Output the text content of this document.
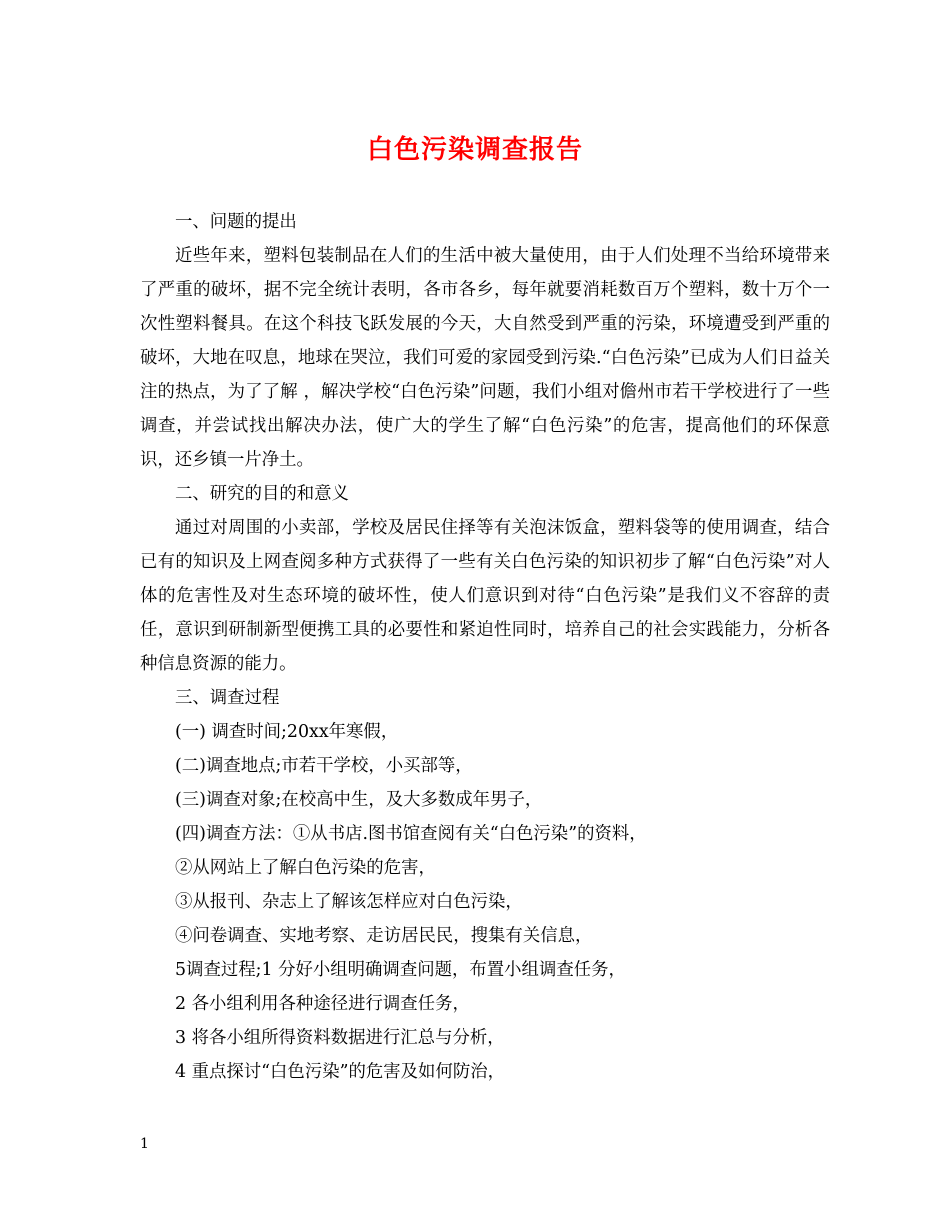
白色污染调查报告

一、问题的提出

近些年来，塑料包装制品在人们的生活中被大量使用，由于人们处理不当给环境带来了严重的破坏，据不完全统计表明，各市各乡，每年就要消耗数百万个塑料，数十万个一次性塑料餐具。在这个科技飞跃发展的今天，大自然受到严重的污染，环境遭受到严重的破坏，大地在叹息，地球在哭泣，我们可爱的家园受到污染.“白色污染”已成为人们日益关注的热点，为了了解 ，解决学校“白色污染”问题，我们小组对儋州市若干学校进行了一些调查，并尝试找出解决办法，使广大的学生了解“白色污染”的危害，提高他们的环保意识，还乡镇一片净土。

二、研究的目的和意义

通过对周围的小卖部，学校及居民住择等有关泡沫饭盒，塑料袋等的使用调查，结合已有的知识及上网查阅多种方式获得了一些有关白色污染的知识初步了解“白色污染”对人体的危害性及对生态环境的破坏性，使人们意识到对待“白色污染”是我们义不容辞的责任，意识到研制新型便携工具的必要性和紧迫性同时，培养自己的社会实践能力，分析各种信息资源的能力。

三、调查过程

(一) 调查时间;20xx年寒假，

(二)调查地点;市若干学校，小买部等，

(三)调查对象;在校高中生，及大多数成年男子，

(四)调查方法：①从书店.图书馆查阅有关“白色污染”的资料，

②从网站上了解白色污染的危害，

③从报刊、杂志上了解该怎样应对白色污染，

④问卷调查、实地考察、走访居民民，搜集有关信息，

5调查过程;1 分好小组明确调查问题，布置小组调查任务，

2 各小组利用各种途径进行调查任务，

3 将各小组所得资料数据进行汇总与分析，

4 重点探讨“白色污染”的危害及如何防治，

1
